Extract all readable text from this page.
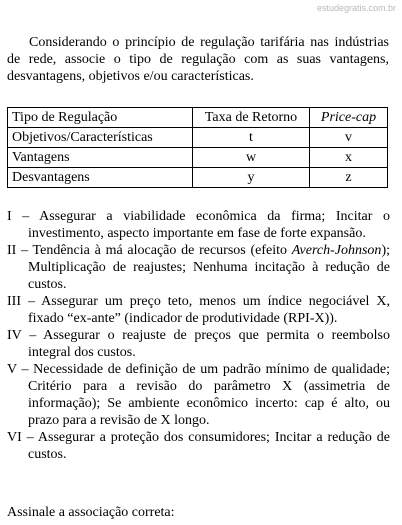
estudegratis.com.br

Considerando o princípio de regulação tarifária nas indústrias de rede, associe o tipo de regulação com as suas vantagens, desvantagens, objetivos e/ou características.

Tipo de Regulação	Taxa de Retorno	Price-cap
Objetivos/Características	t	v
Vantagens	w	x
Desvantagens	y	z
I – Assegurar a viabilidade econômica da firma; Incitar o investimento, aspecto importante em fase de forte expansão.
II – Tendência à má alocação de recursos (efeito Averch-Johnson); Multiplicação de reajustes; Nenhuma incitação à redução de custos.
III – Assegurar um preço teto, menos um índice negociável X, fixado “ex-ante” (indicador de produtividade (RPI-X)).
IV – Assegurar o reajuste de preços que permita o reembolso integral dos custos.
V – Necessidade de definição de um padrão mínimo de qualidade; Critério para a revisão do parâmetro X (assimetria de informação); Se ambiente econômico incerto: cap é alto, ou prazo para a revisão de X longo.
VI – Assegurar a proteção dos consumidores; Incitar a redução de custos.

Assinale a associação correta:
